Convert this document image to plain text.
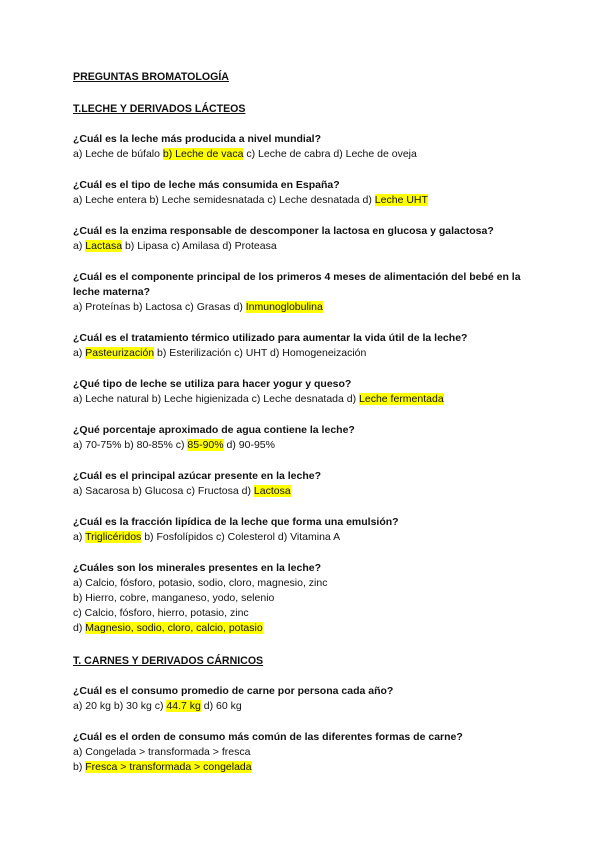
PREGUNTAS BROMATOLOGÍA
T.LECHE Y DERIVADOS LÁCTEOS
¿Cuál es la leche más producida a nivel mundial?
a) Leche de búfalo b) Leche de vaca c) Leche de cabra d) Leche de oveja
¿Cuál es el tipo de leche más consumida en España?
a) Leche entera b) Leche semidesnatada c) Leche desnatada d) Leche UHT
¿Cuál es la enzima responsable de descomponer la lactosa en glucosa y galactosa?
a) Lactasa b) Lipasa c) Amilasa d) Proteasa
¿Cuál es el componente principal de los primeros 4 meses de alimentación del bebé en la leche materna?
a) Proteínas b) Lactosa c) Grasas d) Inmunoglobulina
¿Cuál es el tratamiento térmico utilizado para aumentar la vida útil de la leche?
a) Pasteurización b) Esterilización c) UHT d) Homogeneización
¿Qué tipo de leche se utiliza para hacer yogur y queso?
a) Leche natural b) Leche higienizada c) Leche desnatada d) Leche fermentada
¿Qué porcentaje aproximado de agua contiene la leche?
a) 70-75% b) 80-85% c) 85-90% d) 90-95%
¿Cuál es el principal azúcar presente en la leche?
a) Sacarosa b) Glucosa c) Fructosa d) Lactosa
¿Cuál es la fracción lipídica de la leche que forma una emulsión?
a) Triglicéridos b) Fosfolípidos c) Colesterol d) Vitamina A
¿Cuáles son los minerales presentes en la leche?
a) Calcio, fósforo, potasio, sodio, cloro, magnesio, zinc
b) Hierro, cobre, manganeso, yodo, selenio
c) Calcio, fósforo, hierro, potasio, zinc
d) Magnesio, sodio, cloro, calcio, potasio
T. CARNES Y DERIVADOS CÁRNICOS
¿Cuál es el consumo promedio de carne por persona cada año?
a) 20 kg b) 30 kg c) 44.7 kg d) 60 kg
¿Cuál es el orden de consumo más común de las diferentes formas de carne?
a) Congelada > transformada > fresca
b) Fresca > transformada > congelada
